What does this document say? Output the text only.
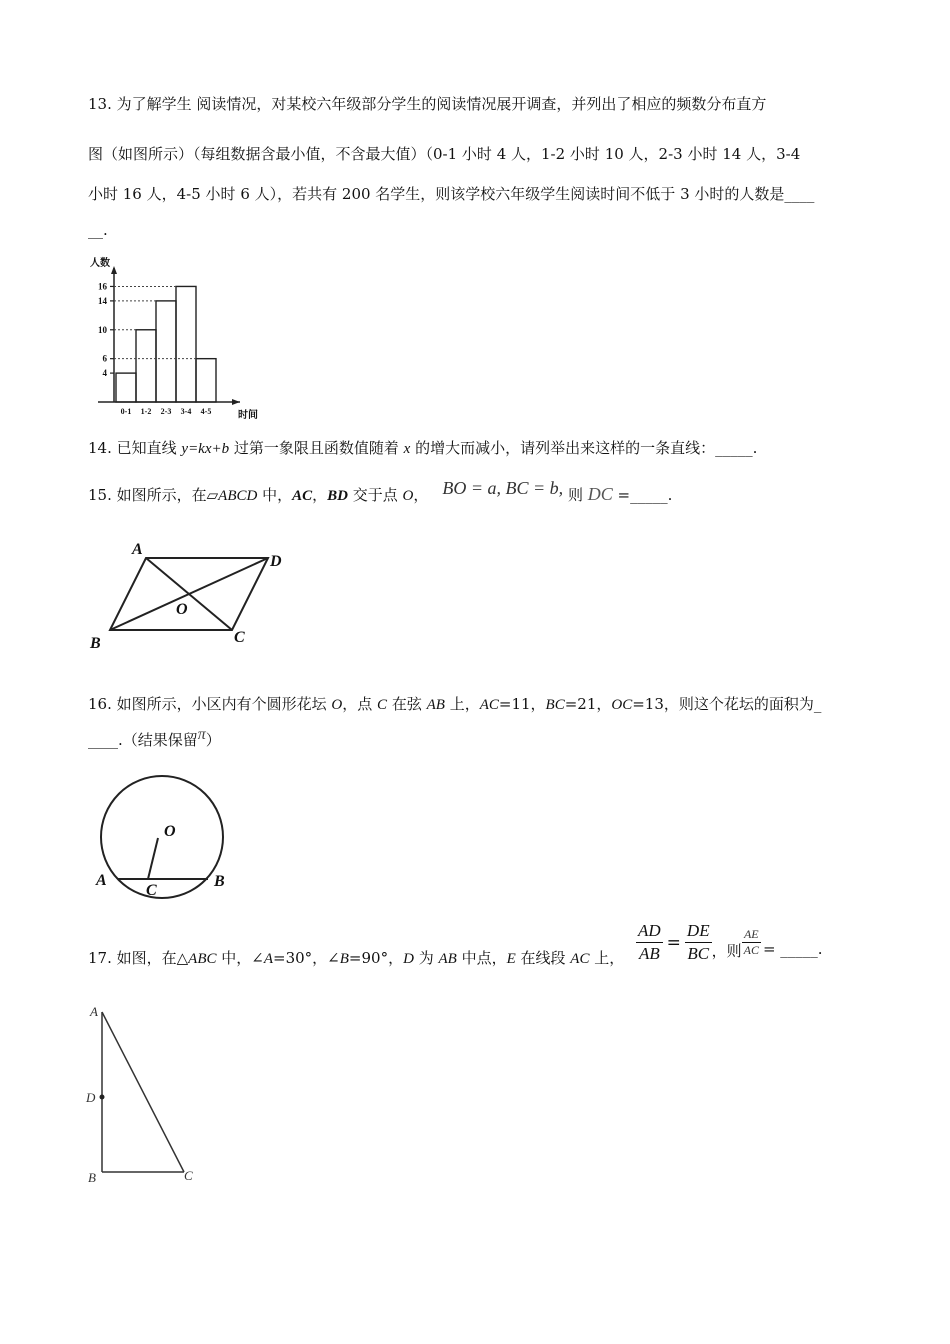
13. 为了解学生 阅读情况，对某校六年级部分学生的阅读情况展开调查，并列出了相应的频数分布直方
图（如图所示）（每组数据含最小值，不含最大值）（0-1 小时 4 人，1-2 小时 10 人，2-3 小时 14 人，3-4
小时 16 人，4-5 小时 6 人），若共有 200 名学生，则该学校六年级学生阅读时间不低于 3 小时的人数是____
__.
人数
时间
0-1 1-2 2-3 3-4 4-5
4
6
10
14
16
14. 已知直线 y=kx+b 过第一象限且函数值随着 x 的增大而减小，请列举出来这样的一条直线：_____.
15. 如图所示，在▱ABCD 中，AC，BD 交于点 O， BO = a, BC = b, 则 DC =_____.
A
D
B	C
O
16. 如图所示，小区内有个圆形花坛 O，点 C 在弦 AB 上，AC=11，BC=21，OC=13，则这个花坛的面积为_
____.（结果保留π）
O
A	B
C
17. 如图，在△ABC 中，∠A=30°，∠B=90°，D 为 AB 中点，E 在线段 AC 上， $\frac{AD}{AB} = \frac{DE}{BC}$ ，则 $\frac{AE}{AC}$ = _____.
A
D
B	C
